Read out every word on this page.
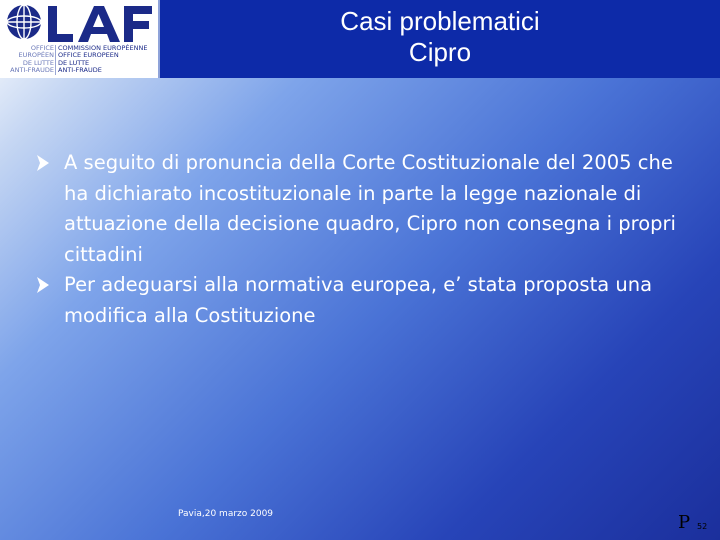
OFFICE
EUROPÉEN
DE LUTTE
ANTI-FRAUDE
COMMISSION EUROPÉENNE
OFFICE EUROPEEN
DE LUTTE
ANTI-FRAUDE
Casi problematici
Cipro
A seguito di pronuncia della Corte Costituzionale del 2005 che ha dichiarato incostituzionale in parte la legge nazionale di attuazione della decisione quadro, Cipro non consegna i propri cittadini
Per adeguarsi alla normativa europea, e’ stata proposta una modifica alla Costituzione
Pavia,20 marzo 2009	P 52
